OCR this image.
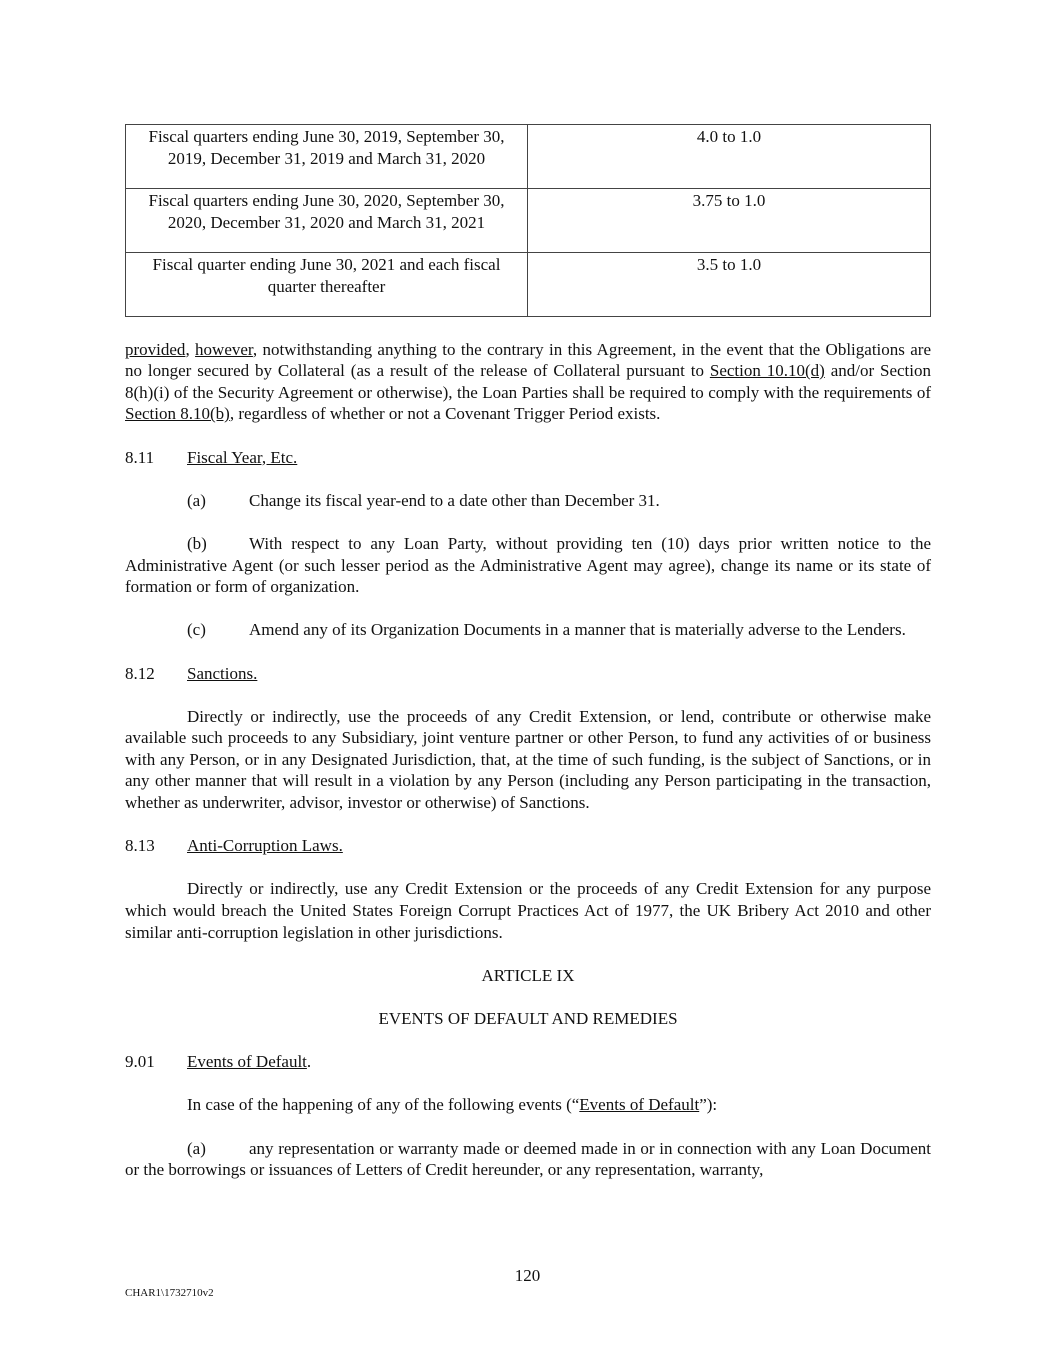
Fiscal quarters ending June 30, 2019, September 30, 2019, December 31, 2019 and March 31, 2020	4.0 to 1.0
Fiscal quarters ending June 30, 2020, September 30, 2020, December 31, 2020 and March 31, 2021	3.75 to 1.0
Fiscal quarter ending June 30, 2021 and each fiscal quarter thereafter	3.5 to 1.0

provided, however, notwithstanding anything to the contrary in this Agreement, in the event that the Obligations are no longer secured by Collateral (as a result of the release of Collateral pursuant to Section 10.10(d) and/or Section 8(h)(i) of the Security Agreement or otherwise), the Loan Parties shall be required to comply with the requirements of Section 8.10(b), regardless of whether or not a Covenant Trigger Period exists.

8.11	Fiscal Year, Etc.

(a)	Change its fiscal year-end to a date other than December 31.

(b) With respect to any Loan Party, without providing ten (10) days prior written notice to the Administrative Agent (or such lesser period as the Administrative Agent may agree), change its name or its state of formation or form of organization.

(c)	Amend any of its Organization Documents in a manner that is materially adverse to the Lenders.

8.12	Sanctions.

Directly or indirectly, use the proceeds of any Credit Extension, or lend, contribute or otherwise make available such proceeds to any Subsidiary, joint venture partner or other Person, to fund any activities of or business with any Person, or in any Designated Jurisdiction, that, at the time of such funding, is the subject of Sanctions, or in any other manner that will result in a violation by any Person (including any Person participating in the transaction, whether as underwriter, advisor, investor or otherwise) of Sanctions.

8.13	Anti-Corruption Laws.

Directly or indirectly, use any Credit Extension or the proceeds of any Credit Extension for any purpose which would breach the United States Foreign Corrupt Practices Act of 1977, the UK Bribery Act 2010 and other similar anti-corruption legislation in other jurisdictions.

ARTICLE IX

EVENTS OF DEFAULT AND REMEDIES

9.01	Events of Default.

In case of the happening of any of the following events (“Events of Default”):

(a)	any representation or warranty made or deemed made in or in connection with any Loan Document or the borrowings or issuances of Letters of Credit hereunder, or any representation, warranty,

120
CHAR1\1732710v2
